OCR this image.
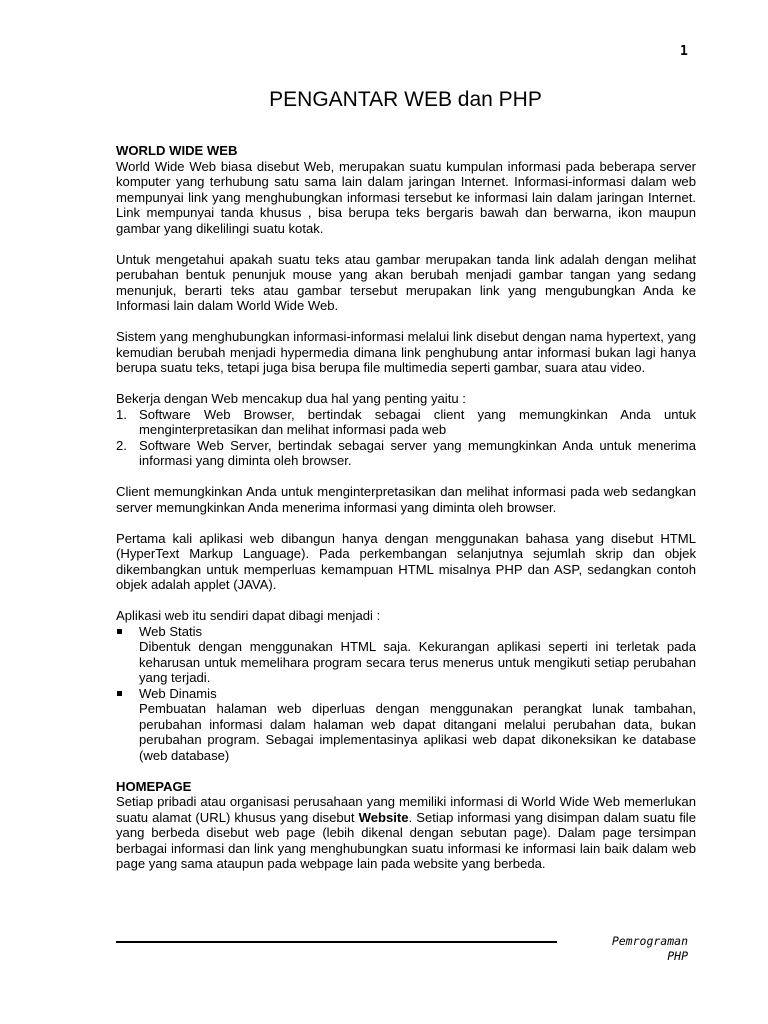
1
PENGANTAR WEB dan PHP

WORLD WIDE WEB

World Wide Web biasa disebut Web, merupakan suatu kumpulan informasi pada beberapa server komputer yang terhubung satu sama lain dalam jaringan Internet. Informasi-informasi dalam web mempunyai link yang menghubungkan informasi tersebut ke informasi lain dalam jaringan Internet. Link mempunyai tanda khusus , bisa berupa teks bergaris bawah dan berwarna, ikon maupun gambar yang dikelilingi suatu kotak.

Untuk mengetahui apakah suatu teks atau gambar merupakan tanda link adalah dengan melihat perubahan bentuk penunjuk mouse yang akan berubah menjadi gambar tangan yang sedang menunjuk, berarti teks atau gambar tersebut merupakan link yang mengubungkan Anda ke Informasi lain dalam World Wide Web.

Sistem yang menghubungkan informasi-informasi melalui link disebut dengan nama hypertext, yang kemudian berubah menjadi hypermedia dimana link penghubung antar informasi bukan lagi hanya berupa suatu teks, tetapi juga bisa berupa file multimedia seperti gambar, suara atau video.

Bekerja dengan Web mencakup dua hal yang penting yaitu :

1. Software Web Browser, bertindak sebagai client yang memungkinkan Anda untuk menginterpretasikan dan melihat informasi pada web
2. Software Web Server, bertindak sebagai server yang memungkinkan Anda untuk menerima informasi yang diminta oleh browser.

Client memungkinkan Anda untuk menginterpretasikan dan melihat informasi pada web sedangkan server memungkinkan Anda menerima informasi yang diminta oleh browser.

Pertama kali aplikasi web dibangun hanya dengan menggunakan bahasa yang disebut HTML (HyperText Markup Language). Pada perkembangan selanjutnya sejumlah skrip dan objek dikembangkan untuk memperluas kemampuan HTML misalnya PHP dan ASP, sedangkan contoh objek adalah applet (JAVA).

Aplikasi web itu sendiri dapat dibagi menjadi :

Web Statis
Dibentuk dengan menggunakan HTML saja. Kekurangan aplikasi seperti ini terletak pada keharusan untuk memelihara program secara terus menerus untuk mengikuti setiap perubahan yang terjadi.
Web Dinamis
Pembuatan halaman web diperluas dengan menggunakan perangkat lunak tambahan, perubahan informasi dalam halaman web dapat ditangani melalui perubahan data, bukan perubahan program. Sebagai implementasinya aplikasi web dapat dikoneksikan ke database (web database)

HOMEPAGE

Setiap pribadi atau organisasi perusahaan yang memiliki informasi di World Wide Web memerlukan suatu alamat (URL) khusus yang disebut Website. Setiap informasi yang disimpan dalam suatu file yang berbeda disebut web page (lebih dikenal dengan sebutan page). Dalam page tersimpan berbagai informasi dan link yang menghubungkan suatu informasi ke informasi lain baik dalam web page yang sama ataupun pada webpage lain pada website yang berbeda.

Pemrograman
PHP
